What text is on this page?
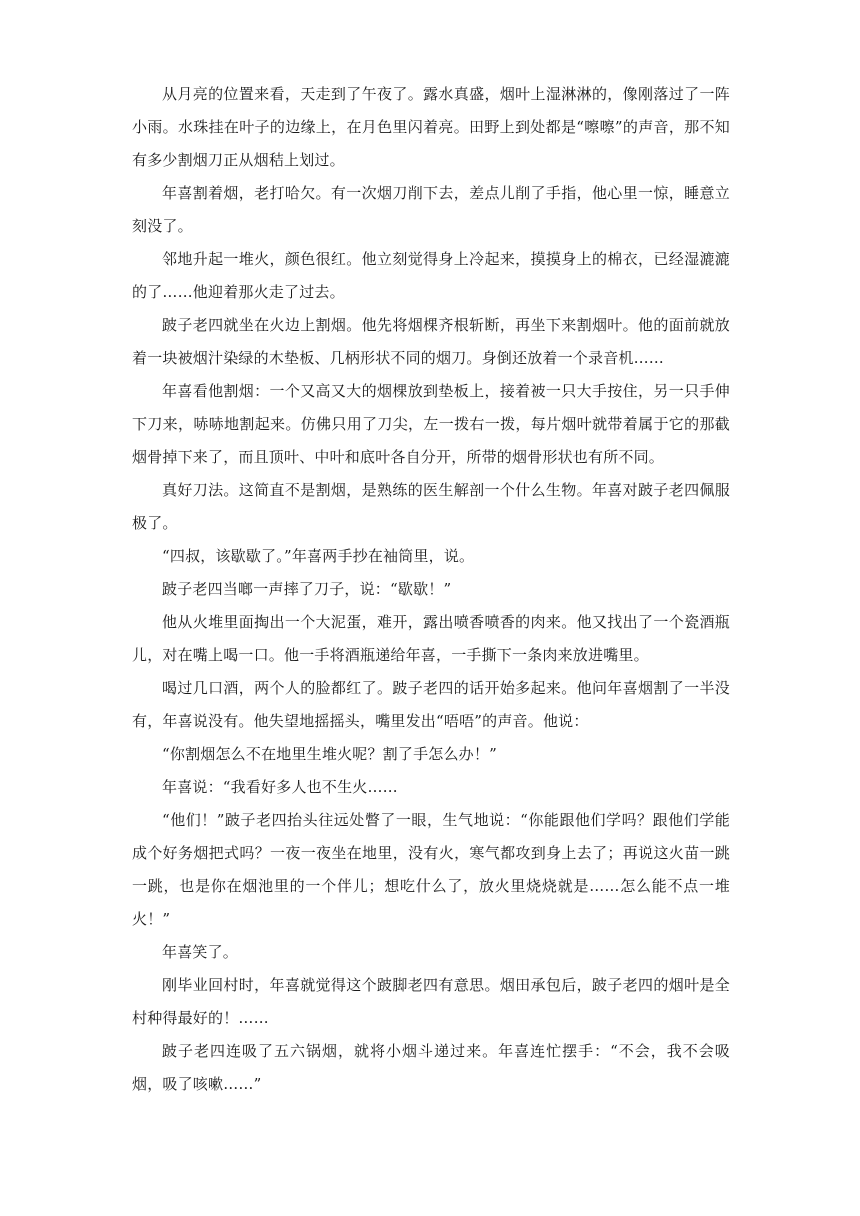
从月亮的位置来看，天走到了午夜了。露水真盛，烟叶上湿淋淋的，像刚落过了一阵小雨。水珠挂在叶子的边缘上，在月色里闪着亮。田野上到处都是“嚓嚓”的声音，那不知有多少割烟刀正从烟秸上划过。

年喜割着烟，老打哈欠。有一次烟刀削下去，差点儿削了手指，他心里一惊，睡意立刻没了。

邻地升起一堆火，颜色很红。他立刻觉得身上冷起来，摸摸身上的棉衣，已经湿漉漉的了……他迎着那火走了过去。

跛子老四就坐在火边上割烟。他先将烟棵齐根斩断，再坐下来割烟叶。他的面前就放着一块被烟汁染绿的木垫板、几柄形状不同的烟刀。身倒还放着一个录音机……

年喜看他割烟：一个又高又大的烟棵放到垫板上，接着被一只大手按住，另一只手伸下刀来，哧哧地割起来。仿佛只用了刀尖，左一拨右一拨，每片烟叶就带着属于它的那截烟骨掉下来了，而且顶叶、中叶和底叶各自分开，所带的烟骨形状也有所不同。

真好刀法。这简直不是割烟，是熟练的医生解剖一个什么生物。年喜对跛子老四佩服极了。

“四叔，该歇歇了。”年喜两手抄在袖筒里，说。

跛子老四当啷一声摔了刀子，说：“歇歇！”

他从火堆里面掏出一个大泥蛋，难开，露出喷香喷香的肉来。他又找出了一个瓷酒瓶儿，对在嘴上喝一口。他一手将酒瓶递给年喜，一手撕下一条肉来放进嘴里。

喝过几口酒，两个人的脸都红了。跛子老四的话开始多起来。他问年喜烟割了一半没有，年喜说没有。他失望地摇摇头，嘴里发出“唔唔”的声音。他说：

“你割烟怎么不在地里生堆火呢？割了手怎么办！”

年喜说：“我看好多人也不生火……

“他们！”跛子老四抬头往远处瞥了一眼，生气地说：“你能跟他们学吗？跟他们学能成个好务烟把式吗？一夜一夜坐在地里，没有火，寒气都攻到身上去了；再说这火苗一跳一跳，也是你在烟池里的一个伴儿；想吃什么了，放火里烧烧就是……怎么能不点一堆火！”

年喜笑了。

刚毕业回村时，年喜就觉得这个跛脚老四有意思。烟田承包后，跛子老四的烟叶是全村种得最好的！……

跛子老四连吸了五六锅烟，就将小烟斗递过来。年喜连忙摆手：“不会，我不会吸烟，吸了咳嗽……”
